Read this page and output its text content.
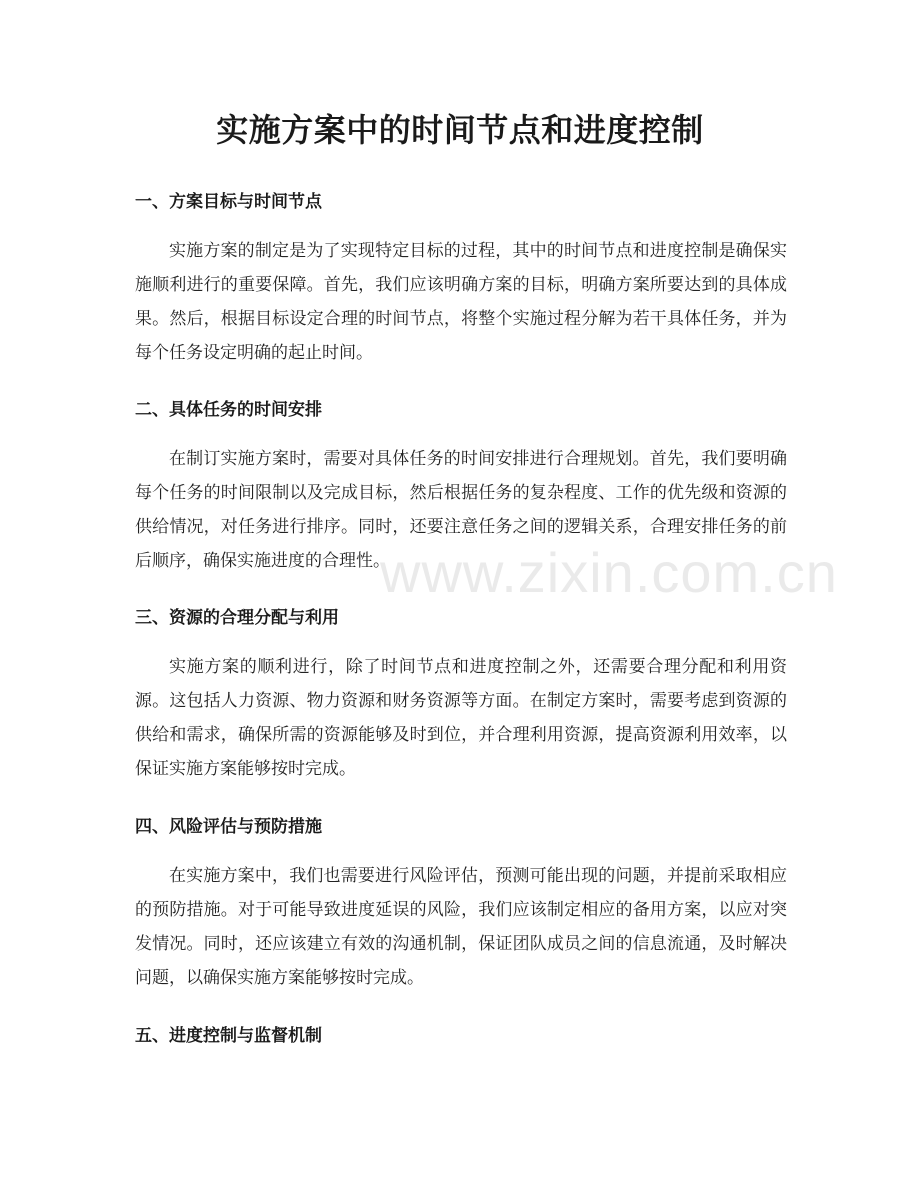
实施方案中的时间节点和进度控制
一、方案目标与时间节点

实施方案的制定是为了实现特定目标的过程，其中的时间节点和进度控制是确保实施顺利进行的重要保障。首先，我们应该明确方案的目标，明确方案所要达到的具体成果。然后，根据目标设定合理的时间节点，将整个实施过程分解为若干具体任务，并为每个任务设定明确的起止时间。

二、具体任务的时间安排

在制订实施方案时，需要对具体任务的时间安排进行合理规划。首先，我们要明确每个任务的时间限制以及完成目标，然后根据任务的复杂程度、工作的优先级和资源的供给情况，对任务进行排序。同时，还要注意任务之间的逻辑关系，合理安排任务的前后顺序，确保实施进度的合理性。

三、资源的合理分配与利用

实施方案的顺利进行，除了时间节点和进度控制之外，还需要合理分配和利用资源。这包括人力资源、物力资源和财务资源等方面。在制定方案时，需要考虑到资源的供给和需求，确保所需的资源能够及时到位，并合理利用资源，提高资源利用效率，以保证实施方案能够按时完成。

四、风险评估与预防措施

在实施方案中，我们也需要进行风险评估，预测可能出现的问题，并提前采取相应的预防措施。对于可能导致进度延误的风险，我们应该制定相应的备用方案，以应对突发情况。同时，还应该建立有效的沟通机制，保证团队成员之间的信息流通，及时解决问题，以确保实施方案能够按时完成。

五、进度控制与监督机制
www.zixin.com.cn
